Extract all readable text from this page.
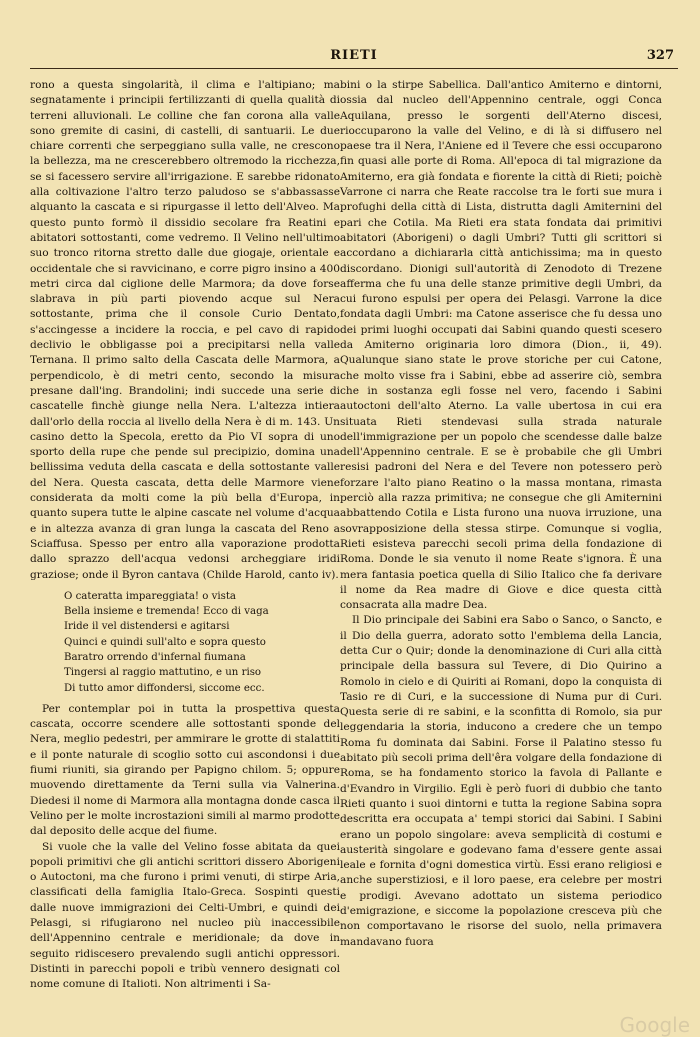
RIETI	327

rono a questa singolarità, il clima e l'altipiano; ma segnatamente i principii fertilizzanti di quella qualità di terreni alluvionali. Le colline che fan corona alla valle sono gremite di casini, di castelli, di santuarii. Le due chiare correnti che serpeggiano sulla valle, ne crescono la bellezza, ma ne crescerebbero oltremodo la ricchezza, se si facessero servire all'irrigazione. E sarebbe ridonato alla coltivazione l'altro terzo paludoso se s'abbassasse alquanto la cascata e si ripurgasse il letto dell'Alveo. Ma questo punto formò il dissidio secolare fra Reatini e abitatori sottostanti, come vedremo. Il Velino nell'ultimo suo tronco ritorna stretto dalle due giogaje, orientale e occidentale che si ravvicinano, e corre pigro insino a 400 metri circa dal ciglione delle Marmora; da dove forse slabrava in più parti piovendo acque sul Nera sottostante, prima che il console Curio Dentato, s'accingesse a incidere la roccia, e pel cavo di rapido declivio le obbligasse poi a precipitarsi nella valle Ternana. Il primo salto della Cascata delle Marmora, a perpendicolo, è di metri cento, secondo la misura presane dall'ing. Brandolini; indi succede una serie di cascatelle finchè giunge nella Nera. L'altezza intiera dall'orlo della roccia al livello della Nera è di m. 143. Un casino detto la Specola, eretto da Pio VI sopra di uno sporto della rupe che pende sul precipizio, domina una bellissima veduta della cascata e della sottostante valle del Nera. Questa cascata, detta delle Marmore viene considerata da molti come la più bella d'Europa, in quanto supera tutte le alpine cascate nel volume d'acqua e in altezza avanza di gran lunga la cascata del Reno a Sciaffusa. Spesso per entro alla vaporazione prodotta dallo sprazzo dell'acqua vedonsi archeggiare iridi graziose; onde il Byron cantava (Childe Harold, canto iv).

O cateratta impareggiata! o vista
Bella insieme e tremenda! Ecco di vaga
Iride il vel distendersi e agitarsi
Quinci e quindi sull'alto e sopra questo
Baratro orrendo d'infernal fiumana
Tingersi al raggio mattutino, e un riso
Di tutto amor diffondersi, siccome ecc.

Per contemplar poi in tutta la prospettiva questa cascata, occorre scendere alle sottostanti sponde del Nera, meglio pedestri, per ammirare le grotte di stalattiti e il ponte naturale di scoglio sotto cui ascondonsi i due fiumi riuniti, sia girando per Papigno chilom. 5; oppure muovendo direttamente da Terni sulla via Valnerina. Diedesi il nome di Marmora alla montagna donde casca il Velino per le molte incrostazioni simili al marmo prodotte dal deposito delle acque del fiume.

Si vuole che la valle del Velino fosse abitata da quei popoli primitivi che gli antichi scrittori dissero Aborigeni o Autoctoni, ma che furono i primi venuti, di stirpe Aria, classificati della famiglia Italo-Greca. Sospinti questi dalle nuove immigrazioni dei Celti-Umbri, e quindi dei Pelasgi, si rifugiarono nel nucleo più inaccessibile dell'Appennino centrale e meridionale; da dove in seguito ridiscesero prevalendo sugli antichi oppressori. Distinti in parecchi popoli e tribù vennero designati col nome comune di Italioti. Non altrimenti i Sa-

bini o la stirpe Sabellica. Dall'antico Amiterno e dintorni, ossia dal nucleo dell'Appennino centrale, oggi Conca Aquilana, presso le sorgenti dell'Aterno discesi, rioccuparono la valle del Velino, e di là si diffusero nel paese tra il Nera, l'Aniene ed il Tevere che essi occuparono fin quasi alle porte di Roma. All'epoca di tal migrazione da Amiterno, era già fondata e fiorente la città di Rieti; poichè Varrone ci narra che Reate raccolse tra le forti sue mura i profughi della città di Lista, distrutta dagli Amiternini del pari che Cotila. Ma Rieti era stata fondata dai primitivi abitatori (Aborigeni) o dagli Umbri? Tutti gli scrittori si accordano a dichiararla città antichissima; ma in questo discordano. Dionigi sull'autorità di Zenodoto di Trezene afferma che fu una delle stanze primitive degli Umbri, da cui furono espulsi per opera dei Pelasgi. Varrone la dice fondata dagli Umbri: ma Catone asserisce che fu dessa uno dei primi luoghi occupati dai Sabini quando questi scesero da Amiterno originaria loro dimora (Dion., ii, 49). Qualunque siano state le prove storiche per cui Catone, che molto visse fra i Sabini, ebbe ad asserire ciò, sembra che in sostanza egli fosse nel vero, facendo i Sabini autoctoni dell'alto Aterno. La valle ubertosa in cui era situata Rieti stendevasi sulla strada naturale dell'immigrazione per un popolo che scendesse dalle balze dell'Appennino centrale. E se è probabile che gli Umbri resisi padroni del Nera e del Tevere non potessero però forzare l'alto piano Reatino o la massa montana, rimasta perciò alla razza primitiva; ne consegue che gli Amiternini abbattendo Cotila e Lista furono una nuova irruzione, una sovrapposizione della stessa stirpe. Comunque si voglia, Rieti esisteva parecchi secoli prima della fondazione di Roma. Donde le sia venuto il nome Reate s'ignora. È una mera fantasia poetica quella di Silio Italico che fa derivare il nome da Rea madre di Giove e dice questa città consacrata alla madre Dea.

Il Dio principale dei Sabini era Sabo o Sanco, o Sancto, e il Dio della guerra, adorato sotto l'emblema della Lancia, detta Cur o Quir; donde la denominazione di Curi alla città principale della bassura sul Tevere, di Dio Quirino a Romolo in cielo e di Quiriti ai Romani, dopo la conquista di Tasio re di Curi, e la successione di Numa pur di Curi. Questa serie di re sabini, e la sconfitta di Romolo, sia pur leggendaria la storia, inducono a credere che un tempo Roma fu dominata dai Sabini. Forse il Palatino stesso fu abitato più secoli prima dell'êra volgare della fondazione di Roma, se ha fondamento storico la favola di Pallante e d'Evandro in Virgilio. Egli è però fuori di dubbio che tanto Rieti quanto i suoi dintorni e tutta la regione Sabina sopra descritta era occupata a' tempi storici dai Sabini. I Sabini erano un popolo singolare: aveva semplicità di costumi e austerità singolare e godevano fama d'essere gente assai leale e fornita d'ogni domestica virtù. Essi erano religiosi e anche superstiziosi, e il loro paese, era celebre per mostri e prodigi. Avevano adottato un sistema periodico d'emigrazione, e siccome la popolazione cresceva più che non comportavano le risorse del suolo, nella primavera mandavano fuora

Google
